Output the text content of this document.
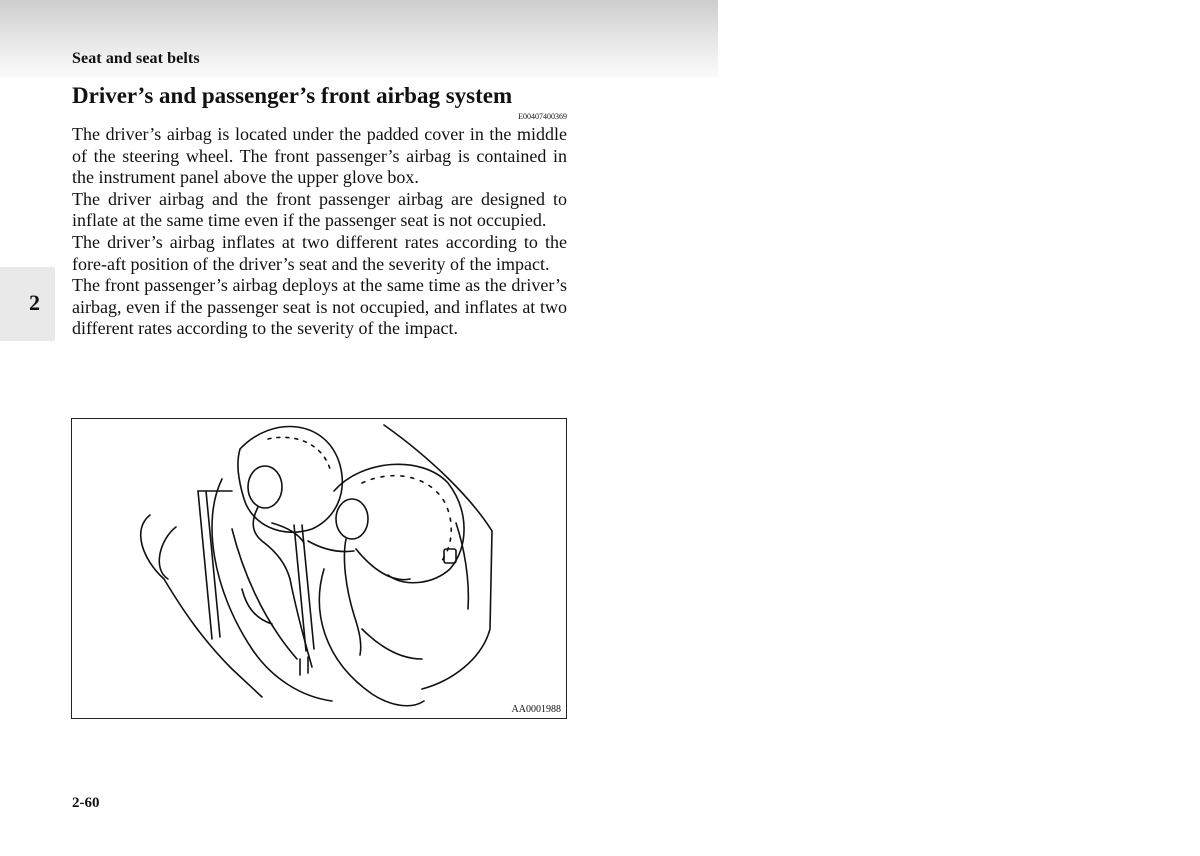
Seat and seat belts
2
Driver’s and passenger’s front airbag system
E00407400369

The driver’s airbag is located under the padded cover in the middle of the steering wheel. The front passenger’s airbag is contained in the instrument panel above the upper glove box.

The driver airbag and the front passenger airbag are designed to inflate at the same time even if the passenger seat is not occupied.

The driver’s airbag inflates at two different rates according to the fore-aft position of the driver’s seat and the severity of the impact.

The front passenger’s airbag deploys at the same time as the driver’s airbag, even if the passenger seat is not occupied, and inflates at two different rates according to the severity of the impact.

AA0001988
2-60
